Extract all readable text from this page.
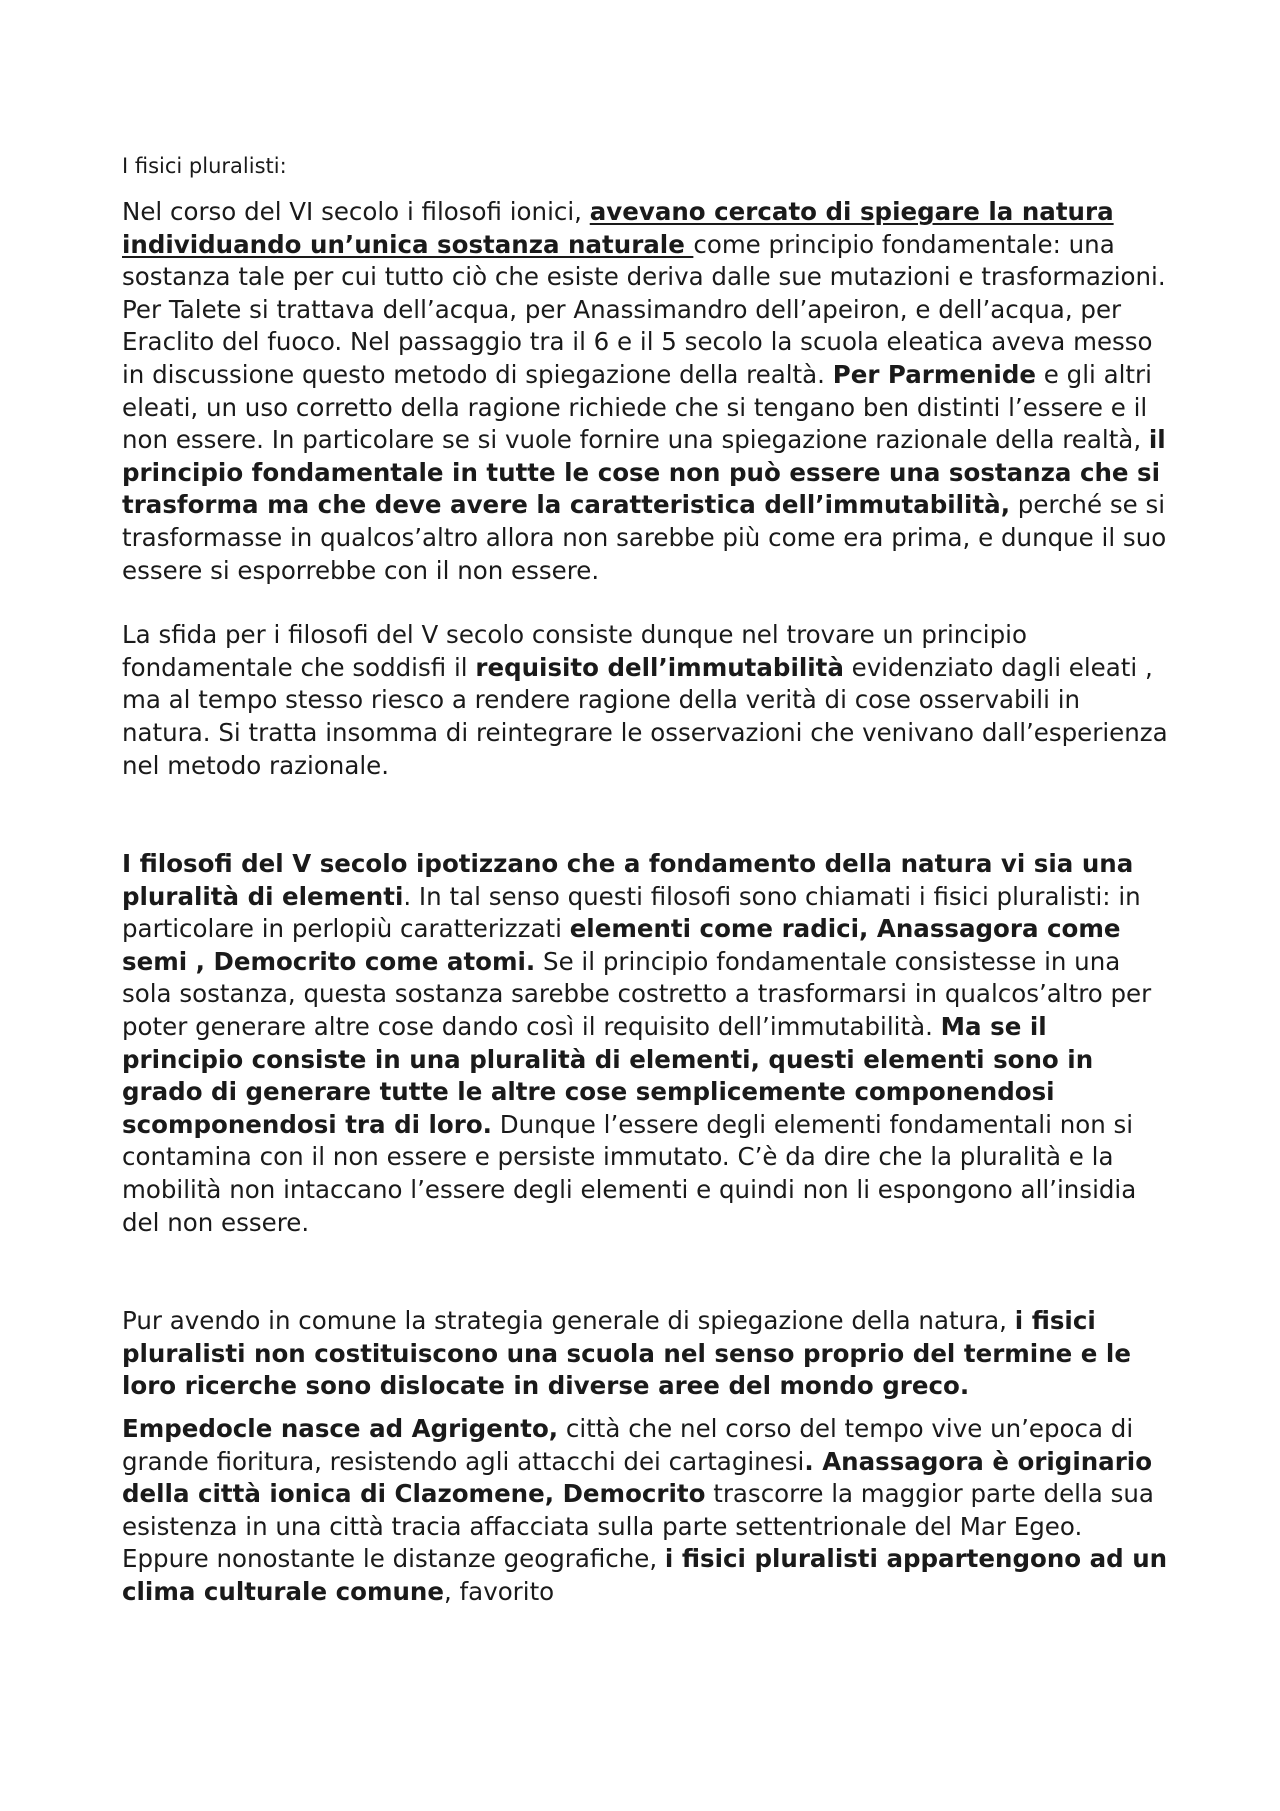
I fisici pluralisti:

Nel corso del VI secolo i filosofi ionici, avevano cercato di spiegare la natura individuando un’unica sostanza naturale come principio fondamentale: una sostanza tale per cui tutto ciò che esiste deriva dalle sue mutazioni e trasformazioni. Per Talete si trattava dell’acqua, per Anassimandro dell’apeiron, e dell’acqua, per Eraclito del fuoco. Nel passaggio tra il 6 e il 5 secolo la scuola eleatica aveva messo in discussione questo metodo di spiegazione della realtà. Per Parmenide e gli altri eleati, un uso corretto della ragione richiede che si tengano ben distinti l’essere e il non essere. In particolare se si vuole fornire una spiegazione razionale della realtà, il principio fondamentale in tutte le cose non può essere una sostanza che si trasforma ma che deve avere la caratteristica dell’immutabilità, perché se si trasformasse in qualcos’altro allora non sarebbe più come era prima, e dunque il suo essere si esporrebbe con il non essere.

La sfida per i filosofi del V secolo consiste dunque nel trovare un principio fondamentale che soddisfi il requisito dell’immutabilità evidenziato dagli eleati , ma al tempo stesso riesco a rendere ragione della verità di cose osservabili in natura. Si tratta insomma di reintegrare le osservazioni che venivano dall’esperienza nel metodo razionale.

I filosofi del V secolo ipotizzano che a fondamento della natura vi sia una pluralità di elementi. In tal senso questi filosofi sono chiamati i fisici pluralisti: in particolare in perlopiù caratterizzati elementi come radici, Anassagora come semi , Democrito come atomi. Se il principio fondamentale consistesse in una sola sostanza, questa sostanza sarebbe costretto a trasformarsi in qualcos’altro per poter generare altre cose dando così il requisito dell’immutabilità. Ma se il principio consiste in una pluralità di elementi, questi elementi sono in grado di generare tutte le altre cose semplicemente componendosi scomponendosi tra di loro. Dunque l’essere degli elementi fondamentali non si contamina con il non essere e persiste immutato. C’è da dire che la pluralità e la mobilità non intaccano l’essere degli elementi e quindi non li espongono all’insidia del non essere.

Pur avendo in comune la strategia generale di spiegazione della natura, i fisici pluralisti non costituiscono una scuola nel senso proprio del termine e le loro ricerche sono dislocate in diverse aree del mondo greco.

Empedocle nasce ad Agrigento, città che nel corso del tempo vive un’epoca di grande fioritura, resistendo agli attacchi dei cartaginesi. Anassagora è originario della città ionica di Clazomene, Democrito trascorre la maggior parte della sua esistenza in una città tracia affacciata sulla parte settentrionale del Mar Egeo. Eppure nonostante le distanze geografiche, i fisici pluralisti appartengono ad un clima culturale comune, favorito
